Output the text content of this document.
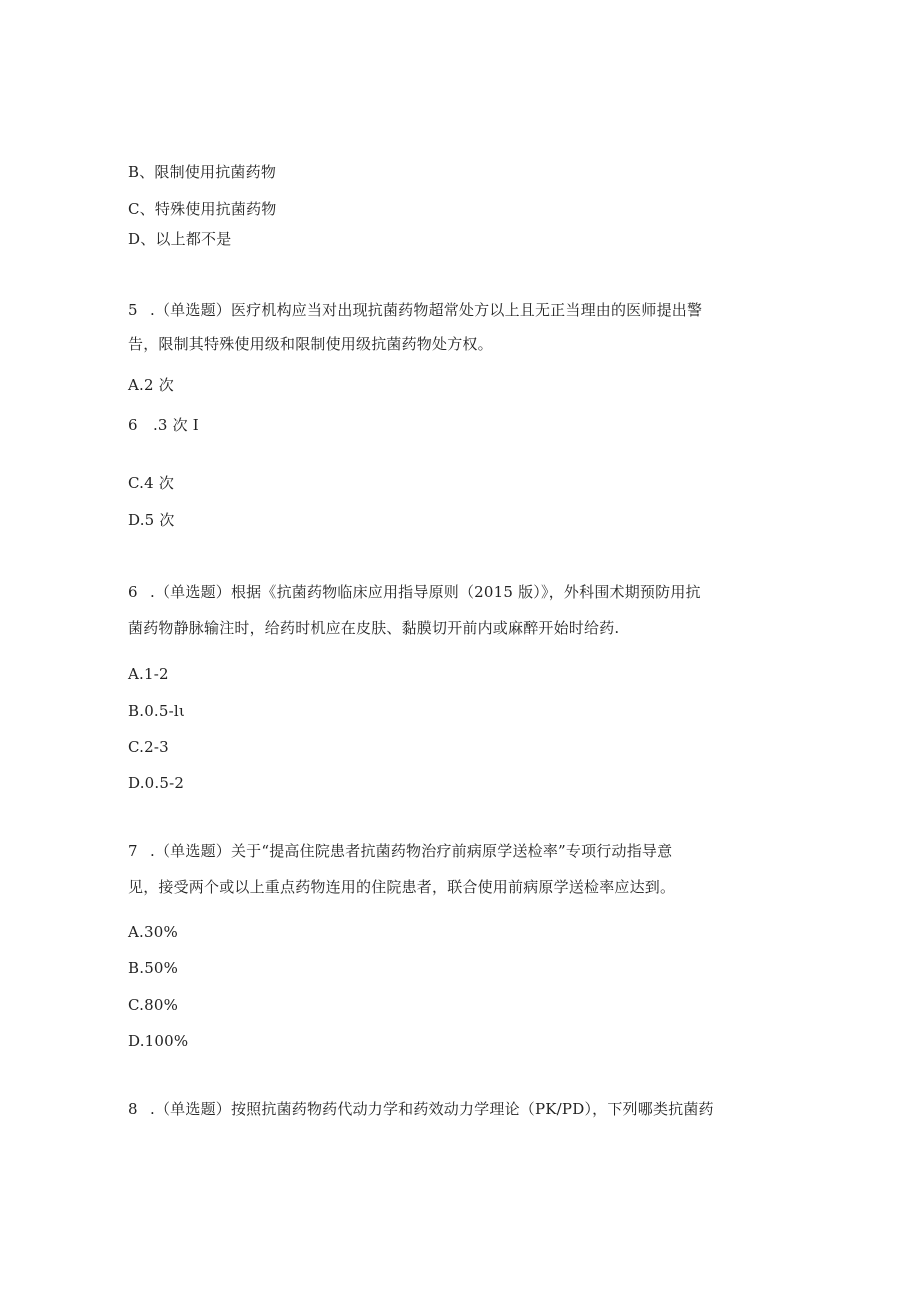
B、限制使用抗菌药物
C、特殊使用抗菌药物
D、以上都不是
5 .（单选题）医疗机构应当对出现抗菌药物超常处方以上且无正当理由的医师提出警
告，限制其特殊使用级和限制使用级抗菌药物处方权。
A.2 次
6　.3 次 I
C.4 次
D.5 次
6 .（单选题）根据《抗菌药物临床应用指导原则（2015 版）》，外科围术期预防用抗
菌药物静脉输注时，给药时机应在皮肤、黏膜切开前内或麻醉开始时给药.
A.1-2
B.0.5-lι
C.2-3
D.0.5-2
7 .（单选题）关于“提高住院患者抗菌药物治疗前病原学送检率”专项行动指导意
见，接受两个或以上重点药物连用的住院患者，联合使用前病原学送检率应达到。
A.30%
B.50%
C.80%
D.100%
8 .（单选题）按照抗菌药物药代动力学和药效动力学理论（PK/PD），下列哪类抗菌药
